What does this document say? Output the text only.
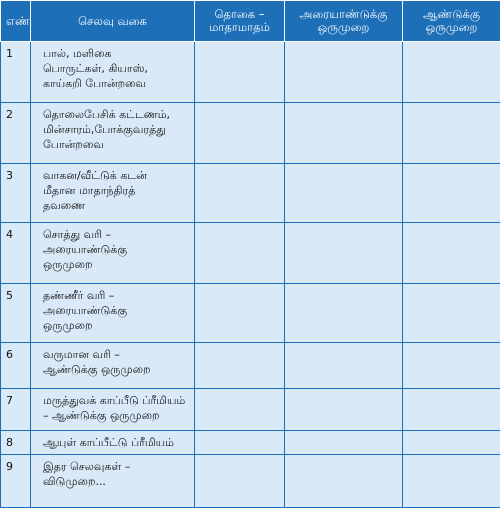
எண்	செலவு வகை	தொகை – மாதாமாதம்	அரையாண்டுக்கு ஒருமுறை	ஆண்டுக்கு ஒருமுறை
1	பால், மளிகை
பொருட்கள், கியாஸ்,
காய்கறி போன்றவை			

2	தொலைபேசிக் கட்டணம்,
மின்சாரம்,போக்குவரத்து
போன்றவை			

3	வாகன/வீட்டுக் கடன்
மீதான மாதாந்திரத்
தவணை			

4	சொத்து வரி –
அரையாண்டுக்கு
ஒருமுறை			

5	தண்ணீர் வரி –
அரையாண்டுக்கு
ஒருமுறை			

6	வருமான வரி –
ஆண்டுக்கு ஒருமுறை			

7	மருத்துவக் காப்பீடு ப்ரீமியம்
– ஆண்டுக்கு ஒருமுறை			

8	ஆயுள் காப்பீட்டு ப்ரீமியம்			

9	இதர செலவுகள் –
விடுமுறை...			
